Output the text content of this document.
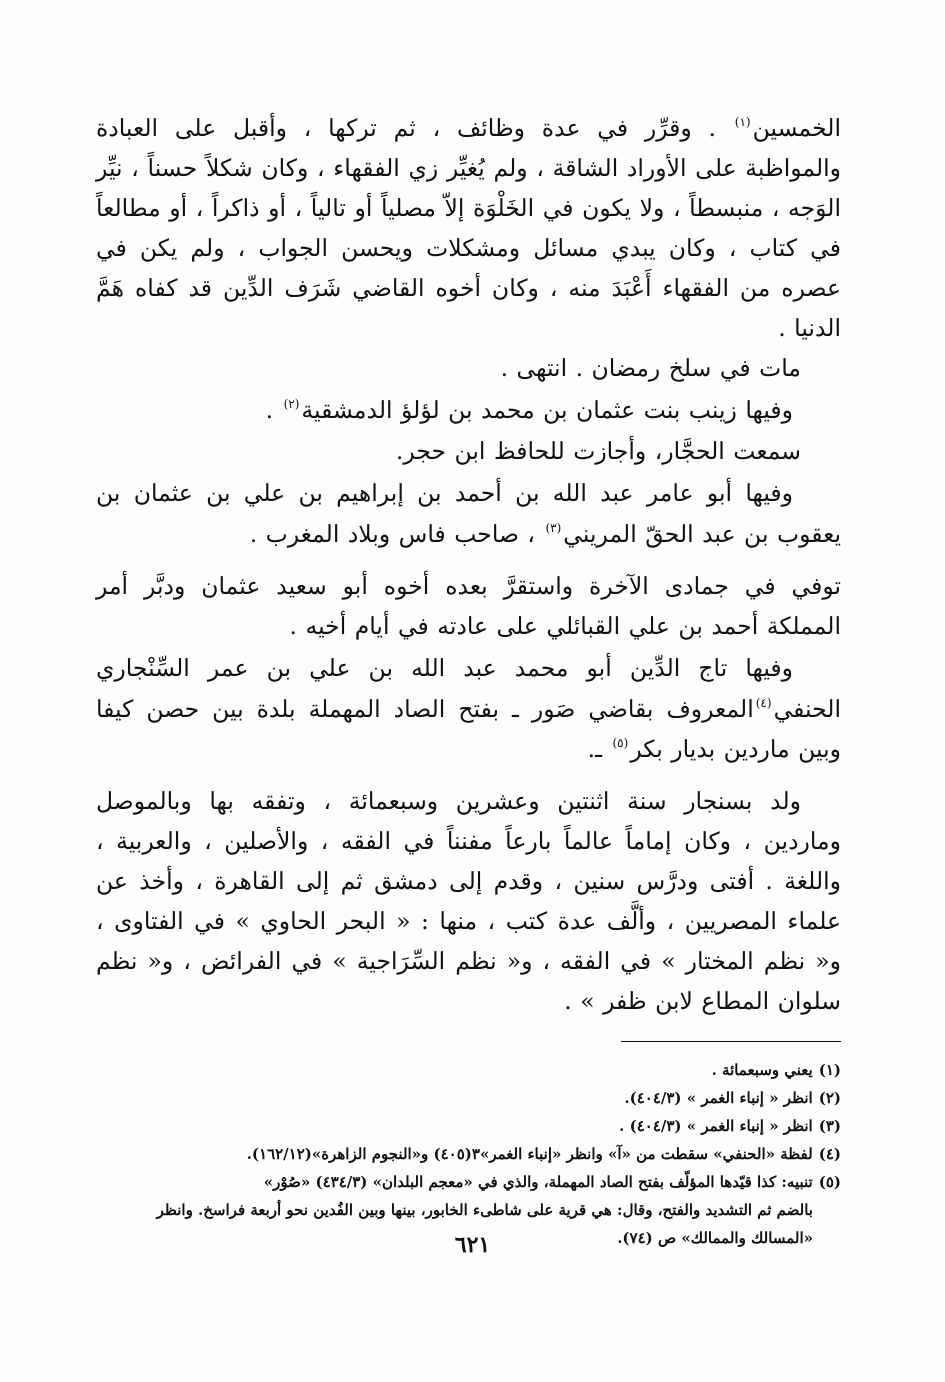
الخمسين$^{(١)}$ . وقرِّر في عدة وظائف ، ثم تركها ، وأقبل على العبادة والمواظبة على الأوراد الشاقة ، ولم يُغيِّر زي الفقهاء ، وكان شكلاً حسناً ، نيِّر الوَجه ، منبسطاً ، ولا يكون في الخَلْوَة إلاّ مصلياً أو تالياً ، أو ذاكراً ، أو مطالعاً في كتاب ، وكان يبدي مسائل ومشكلات ويحسن الجواب ، ولم يكن في عصره من الفقهاء أَعْبَدَ منه ، وكان أخوه القاضي شَرَف الدِّين قد كفاه هَمَّ الدنيا .

مات في سلخ رمضان . انتهى .

وفيها زينب بنت عثمان بن محمد بن لؤلؤ الدمشقية$^{(٢)}$ .

سمعت الحجَّار، وأجازت للحافظ ابن حجر.

وفيها أبو عامر عبد الله بن أحمد بن إبراهيم بن علي بن عثمان بن يعقوب بن عبد الحقّ المريني$^{(٣)}$ ، صاحب فاس وبلاد المغرب .

توفي في جمادى الآخرة واستقرَّ بعده أخوه أبو سعيد عثمان ودبَّر أمر المملكة أحمد بن علي القبائلي على عادته في أيام أخيه .

وفيها تاج الدِّين أبو محمد عبد الله بن علي بن عمر السِّنْجاري الحنفي$^{(٤)}$المعروف بقاضي صَور ـ بفتح الصاد المهملة بلدة بين حصن كيفا وبين ماردين بديار بكر$^{(٥)}$ ـ.

ولد بسنجار سنة اثنتين وعشرين وسبعمائة ، وتفقه بها وبالموصل وماردين ، وكان إماماً عالماً بارعاً مفنناً في الفقه ، والأصلين ، والعربية ، واللغة . أفتى ودرَّس سنين ، وقدم إلى دمشق ثم إلى القاهرة ، وأخذ عن علماء المصريين ، وألَّف عدة كتب ، منها : « البحر الحاوي » في الفتاوى ، و« نظم المختار » في الفقه ، و« نظم السِّرَاجية » في الفرائض ، و« نظم سلوان المطاع لابن ظفر » .

(١)يعني وسبعمائة .
(٢)انظر « إنباء الغمر » (٤٠٤/٣).
(٣)انظر « إنباء الغمر » (٤٠٤/٣) .
(٤)لفظة «الحنفي» سقطت من «آ» وانظر «إنباء الغمر»٣(٤٠٥) و«النجوم الزاهرة»(١٦٢/١٢).
(٥)تنبيه: كذا قيّدها المؤلّف بفتح الصاد المهملة، والذي في «معجم البلدان» (٤٣٤/٣) «صُوْر»
بالضم ثم التشديد والفتح، وقال: هي قرية على شاطىء الخابور، بينها وبين الفُدين نحو أربعة فراسخ. وانظر «المسالك والممالك» ص (٧٤).
٦٢١
